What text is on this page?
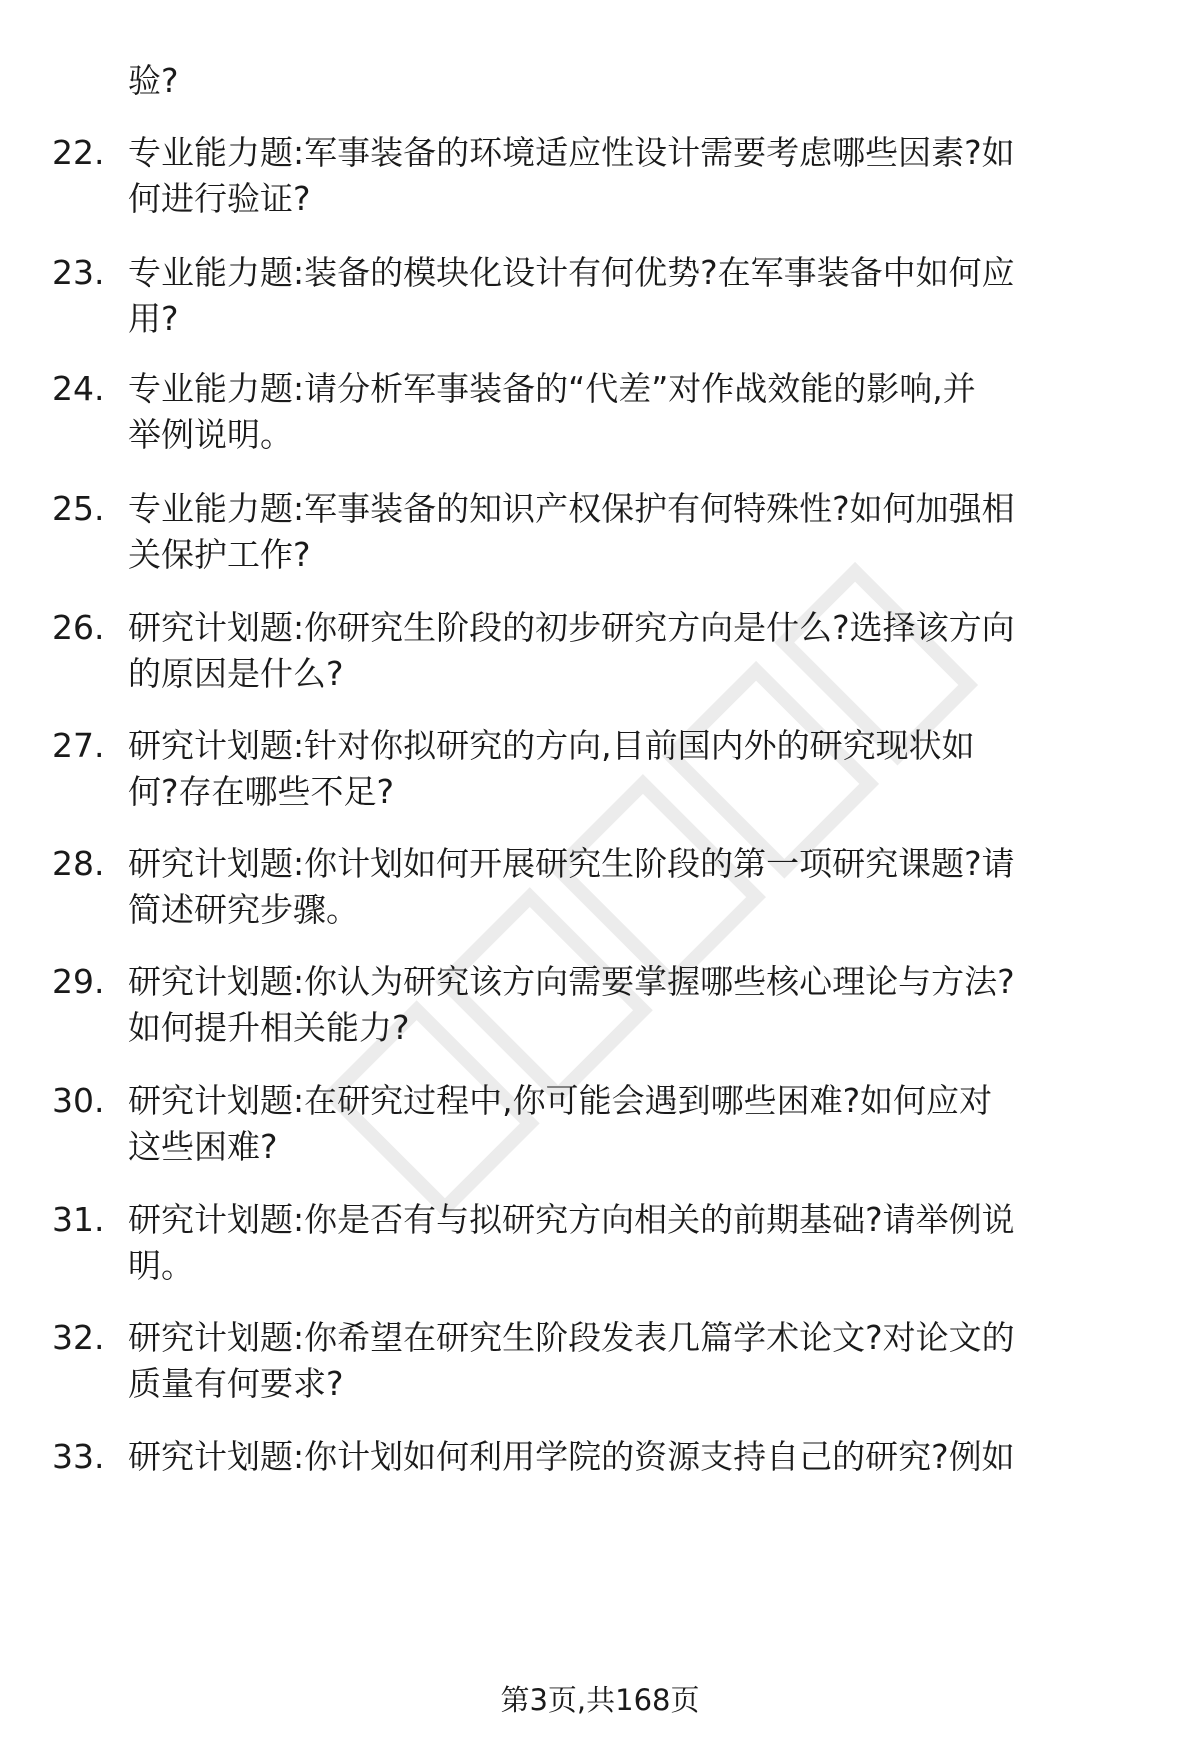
验?
22. 专业能力题:军事装备的环境适应性设计需要考虑哪些因素?如
何进行验证?
23. 专业能力题:装备的模块化设计有何优势?在军事装备中如何应
用?
24. 专业能力题:请分析军事装备的“代差”对作战效能的影响,并
举例说明。
25. 专业能力题:军事装备的知识产权保护有何特殊性?如何加强相
关保护工作?
26. 研究计划题:你研究生阶段的初步研究方向是什么?选择该方向
的原因是什么?
27. 研究计划题:针对你拟研究的方向,目前国内外的研究现状如
何?存在哪些不足?
28. 研究计划题:你计划如何开展研究生阶段的第一项研究课题?请
简述研究步骤。
29. 研究计划题:你认为研究该方向需要掌握哪些核心理论与方法?
如何提升相关能力?
30. 研究计划题:在研究过程中,你可能会遇到哪些困难?如何应对
这些困难?
31. 研究计划题:你是否有与拟研究方向相关的前期基础?请举例说
明。
32. 研究计划题:你希望在研究生阶段发表几篇学术论文?对论文的
质量有何要求?
33. 研究计划题:你计划如何利用学院的资源支持自己的研究?例如
第3页,共168页
